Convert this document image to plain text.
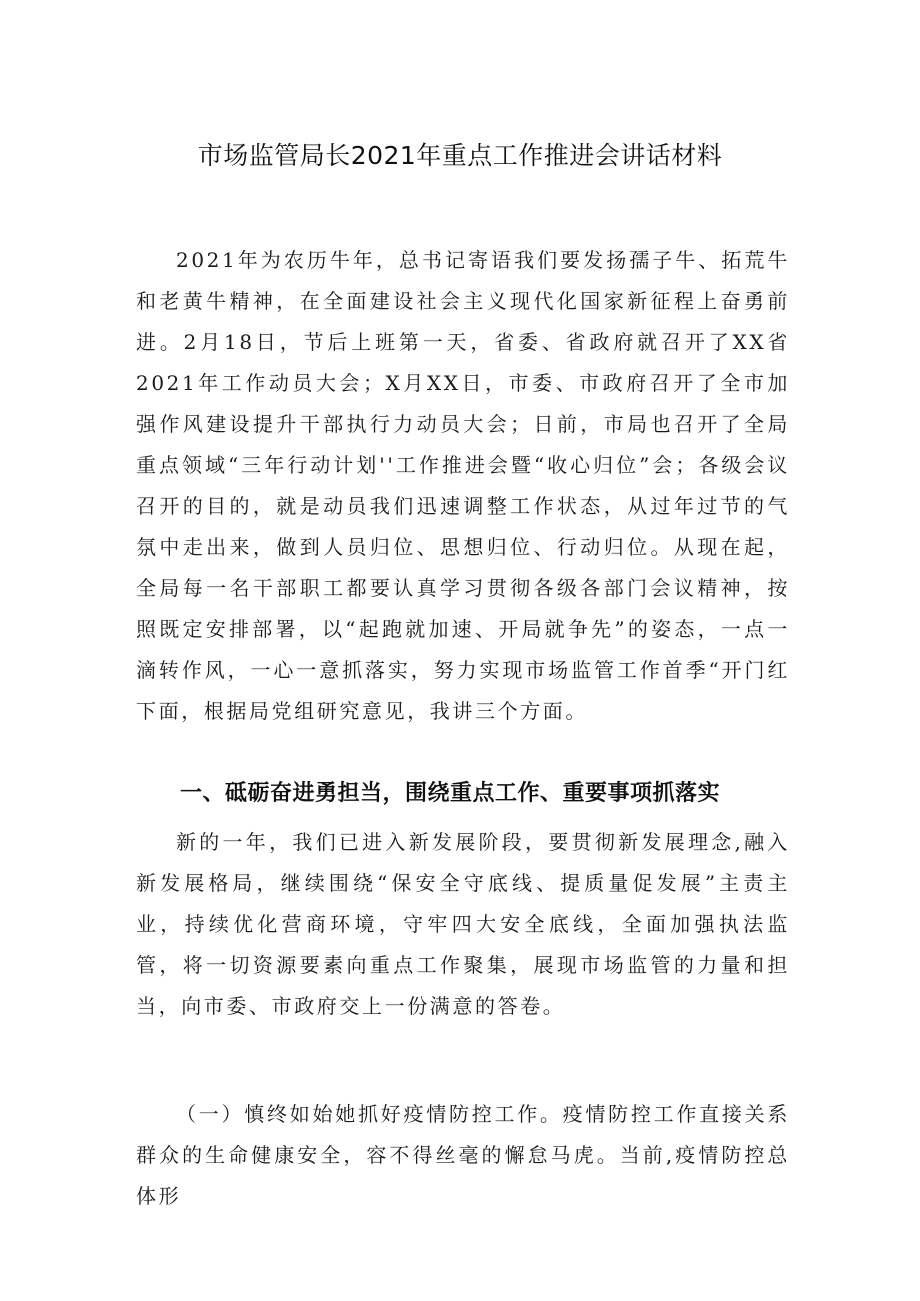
市场监管局长2021年重点工作推进会讲话材料

2021年为农历牛年，总书记寄语我们要发扬孺子牛、拓荒牛和老黄牛精神，在全面建设社会主义现代化国家新征程上奋勇前进。2月18日，节后上班第一天，省委、省政府就召开了XX省2021年工作动员大会；X月XX日，市委、市政府召开了全市加强作风建设提升干部执行力动员大会；日前，市局也召开了全局重点领域“三年行动计划''工作推进会暨“收心归位”会；各级会议召开的目的，就是动员我们迅速调整工作状态，从过年过节的气氛中走出来，做到人员归位、思想归位、行动归位。从现在起，全局每一名干部职工都要认真学习贯彻各级各部门会议精神，按照既定安排部署，以“起跑就加速、开局就争先”的姿态，一点一滴转作风，一心一意抓落实，努力实现市场监管工作首季“开门红下面，根据局党组研究意见，我讲三个方面。

一、砥砺奋进勇担当，围绕重点工作、重要事项抓落实

新的一年，我们已进入新发展阶段，要贯彻新发展理念,融入新发展格局，继续围绕“保安全守底线、提质量促发展”主责主业，持续优化营商环境，守牢四大安全底线，全面加强执法监管，将一切资源要素向重点工作聚集，展现市场监管的力量和担当，向市委、市政府交上一份满意的答卷。

（一）慎终如始她抓好疫情防控工作。疫情防控工作直接关系群众的生命健康安全，容不得丝毫的懈怠马虎。当前,疫情防控总体形
